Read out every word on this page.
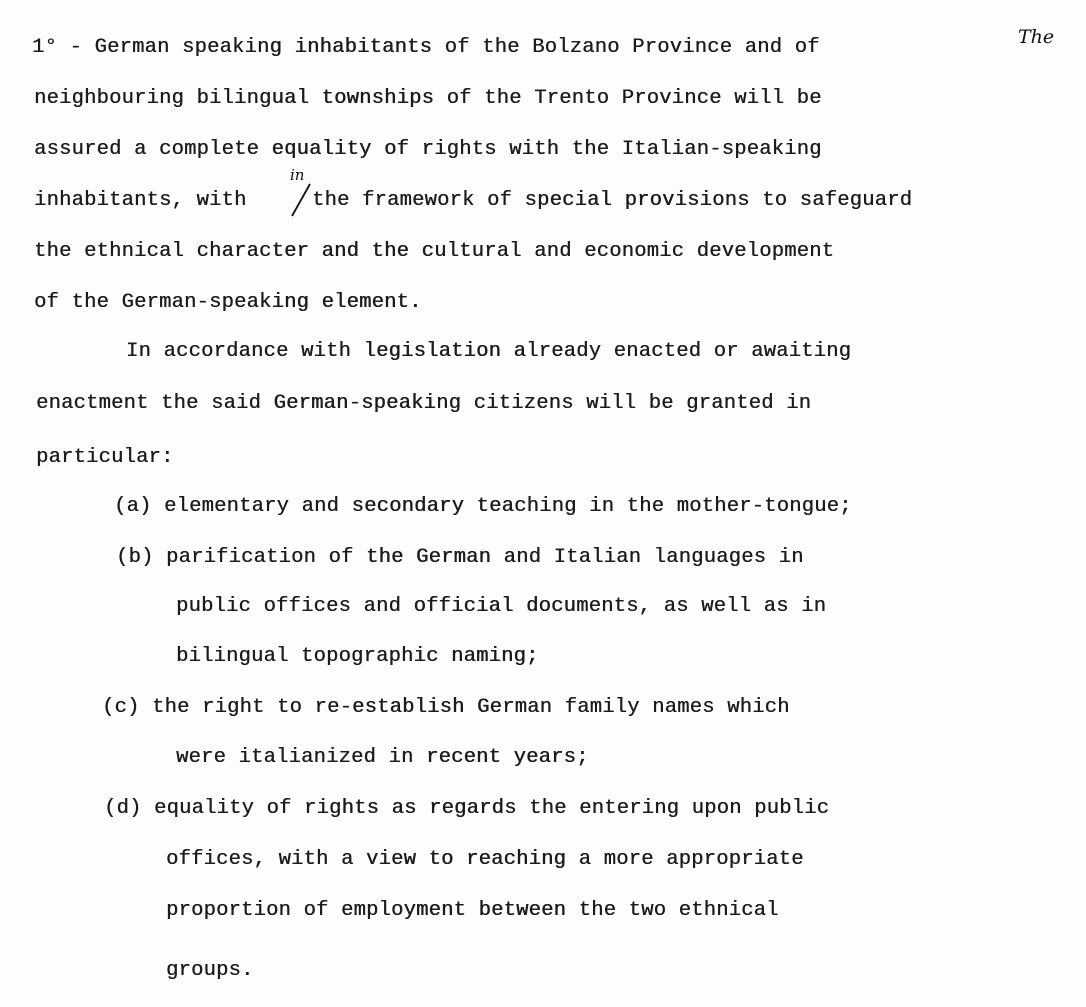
1° - German speaking inhabitants of the Bolzano Province and of	The
neighbouring bilingual townships of the Trento Province will be
assured a complete equality of rights with the Italian-speaking
inhabitants, with
in
the framework of special provisions to safeguard
the ethnical character and the cultural and economic development
of the German-speaking element.
In accordance with legislation already enacted or awaiting
enactment the said German-speaking citizens will be granted in
particular:
(a) elementary and secondary teaching in the mother-tongue;
(b) parification of the German and Italian languages in
public offices and official documents, as well as in
bilingual topographic naming;
(c) the right to re-establish German family names which
were italianized in recent years;
(d) equality of rights as regards the entering upon public
offices, with a view to reaching a more appropriate
proportion of employment between the two ethnical
groups.
